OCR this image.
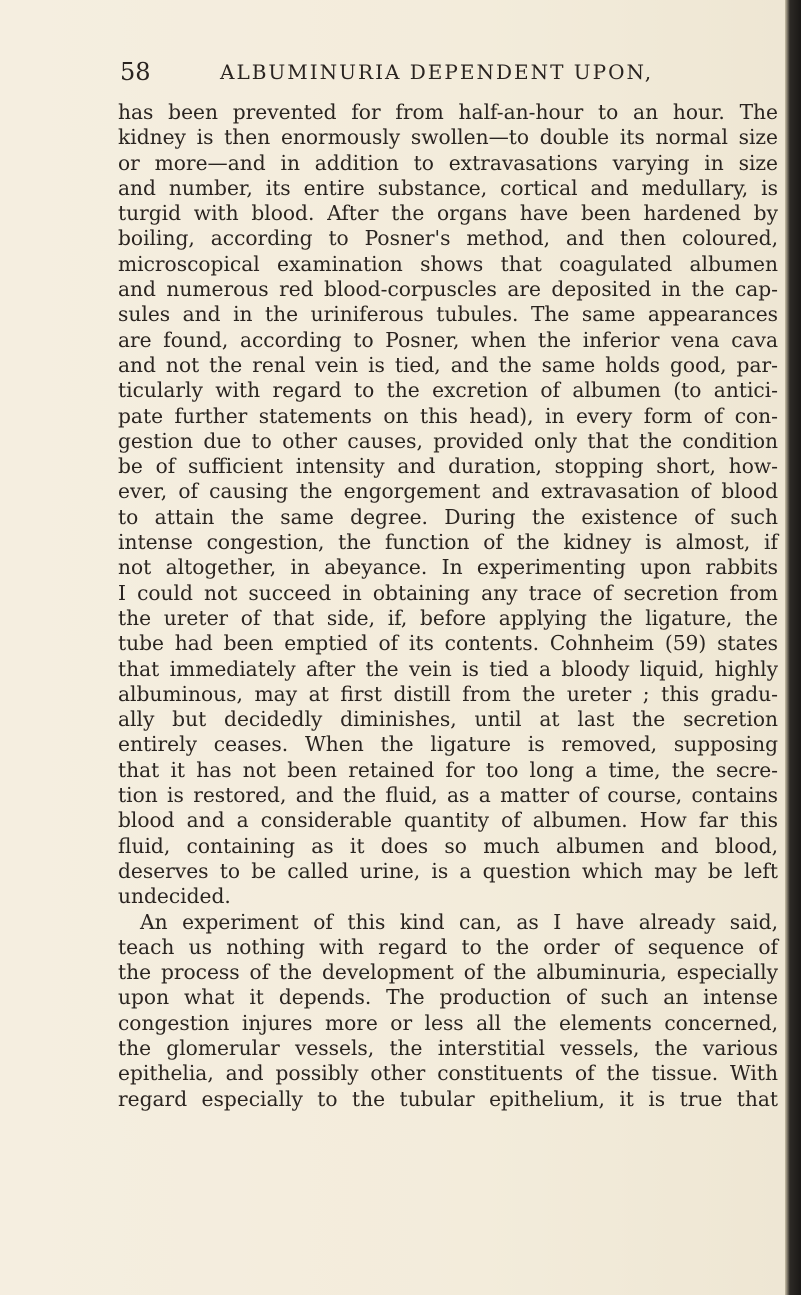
58	ALBUMINURIA DEPENDENT UPON,
has been prevented for from half-an-hour to an hour. The
kidney is then enormously swollen—to double its normal size
or more—and in addition to extravasations varying in size
and number, its entire substance, cortical and medullary, is
turgid with blood. After the organs have been hardened by
boiling, according to Posner's method, and then coloured,
microscopical examination shows that coagulated albumen
and numerous red blood-corpuscles are deposited in the cap-
sules and in the uriniferous tubules. The same appearances
are found, according to Posner, when the inferior vena cava
and not the renal vein is tied, and the same holds good, par-
ticularly with regard to the excretion of albumen (to antici-
pate further statements on this head), in every form of con-
gestion due to other causes, provided only that the condition
be of sufficient intensity and duration, stopping short, how-
ever, of causing the engorgement and extravasation of blood
to attain the same degree. During the existence of such
intense congestion, the function of the kidney is almost, if
not altogether, in abeyance. In experimenting upon rabbits
I could not succeed in obtaining any trace of secretion from
the ureter of that side, if, before applying the ligature, the
tube had been emptied of its contents. Cohnheim (59) states
that immediately after the vein is tied a bloody liquid, highly
albuminous, may at first distill from the ureter ; this gradu-
ally but decidedly diminishes, until at last the secretion
entirely ceases. When the ligature is removed, supposing
that it has not been retained for too long a time, the secre-
tion is restored, and the fluid, as a matter of course, contains
blood and a considerable quantity of albumen. How far this
fluid, containing as it does so much albumen and blood,
deserves to be called urine, is a question which may be left
undecided.
An experiment of this kind can, as I have already said,
teach us nothing with regard to the order of sequence of
the process of the development of the albuminuria, especially
upon what it depends. The production of such an intense
congestion injures more or less all the elements concerned,
the glomerular vessels, the interstitial vessels, the various
epithelia, and possibly other constituents of the tissue. With
regard especially to the tubular epithelium, it is true that
